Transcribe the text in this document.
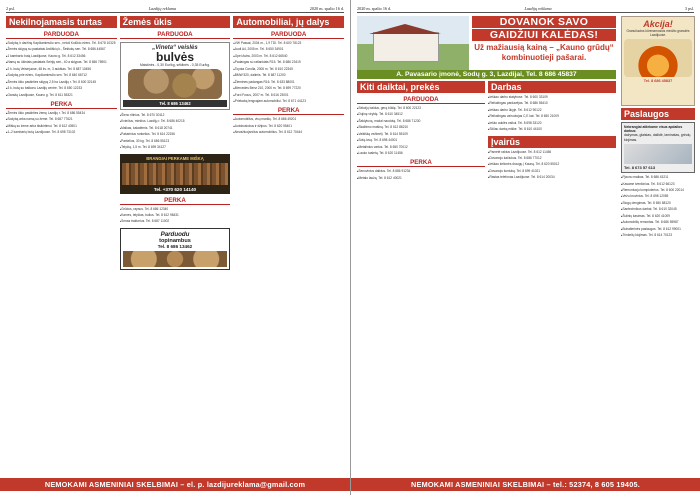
2 psl.	Lazdijų reklama	2020 m. spalio 16 d.
Nekilnojamasis turtas
PARDUODA
■ Sodybą ir daržinę Kapčiamiesčio sen., netoli Kolūkio ežero. Tel. 8 678 10325
■ Žemės sklypą su pastatais Ančiškių k., Šeštokų sen. Tel. 8 686 44567
■ 1 kambario butą Lazdijuose, Kauno g. Tel. 8 612 33456
■ Namą su ūkiniais pastatais Seirijų sen., 40 a sklypas. Tel. 8 656 78901
■ 2 k. butą Veisiejuose, 48 kv. m, 3 aukštas. Tel. 8 687 10456
■ Sodybą prie ežero, Kapčiamiesčio sen. Tel. 8 640 66712
■ Žemės ūkio paskirties sklypą 2,5 ha Lazdijų r. Tel. 8 600 32145
■ 3 k. butą su balkonu Lazdijų centre. Tel. 8 650 12233
■ Garažą Lazdijuose, Kauno g. Tel. 8 611 55321
PERKA
■ Žemės ūkio paskirties žemę Lazdijų r. Tel. 8 686 55434
■ Sodybą arba namą su žeme. Tel. 8 687 77621
■ Mišką su žeme arba išsikirtimui. Tel. 8 612 40501
■ 1–2 kambarių butą Lazdijuose. Tel. 8 698 73102
Žemės ūkis
PARDUODA
„Vineta“ veislės
bulvės
Maistinės - 0,30 Eur/kg, sėklinės - 0,35 Eur/kg.
Tel. 8 686 13462
■ Šieno ritinius. Tel. 8 670 30112
■ Kviečius, miežius. Lazdijų r. Tel. 8 686 40215
■ Malkas, kaladėmis. Tel. 8 618 20741
■ Pašarinius runkelius. Tel. 8 614 22156
■ Paršelius, 30 kg. Tel. 8 686 55123
■ Telyčią, 1,5 m. Tel. 8 699 34127
BRANGIAI PERKAME MIŠKĄ
Tel. +370 620 14140
PERKA
■ Grūdus, rapsus. Tel. 8 686 12340
■ Karves, telyčias, bulius. Tel. 8 612 98431
■ Senas traktorius. Tel. 8 687 11002
Parduodu
topinambus
Tel. 8 686 13462
Automobiliai, jų dalys
PARDUODA
■ VW Passat, 2004 m., 1,9 TDI. Tel. 8 600 78123
■ Audi A4, 2005 m. Tel. 8 650 34901
■ Opel Astra, 2003 m. Tel. 8 612 66540
■ Padangas su ratlankiais R15. Tel. 8 686 23419
■ Toyota Corolla, 2006 m. Tel. 8 610 22345
■ BMW 520, dalimis. Tel. 8 687 11200
■ Žiemines padangas R16. Tel. 8 633 88001
■ Mercedes Benz 210, 2000 m. Tel. 8 699 77220
■ Ford Focus, 2007 m. Tel. 8 616 23001
■ Priekabą lengvajam automobiliui. Tel. 8 671 44123
PERKA
■ Automobilius, visų markių. Tel. 8 686 49201
■ Autobusiukus ir džipus. Tel. 8 620 55401
■ Nevažiuojančius automobilius. Tel. 8 612 70444
NEMOKAMI ASMENINIAI SKELBIMAI – el. p. lazdijureklama@gmail.com
2020 m. spalio 16 d.	Lazdijų reklama	3 psl.
DOVANOK SAVO
GAIDŽIUI KALĖDAS!
Už mažiausią kainą – „Kauno grūdų“
kombinuotieji pašarai.
A. Pavasario įmonė, Sodų g. 3, Lazdijai, Tel. 8 686 45837
Akcija!
Granuliuotos kūrenamosios medžio granulės Lazdijuose.
Tel. 8 686 45837
Kiti daiktai, prekės
PARDUODA
■ Sekcijų baldus, gerą būklę. Tel. 8 600 22123
■ Dujinę viryklę. Tel. 8 610 34512
■ Šaldytuvą, mažai naudotą. Tel. 8 686 71230
■ Skalbimo mašiną. Tel. 8 612 88210
■ Vaikišką vežimėlį. Tel. 8 614 55109
■ Sofą-lovą. Tel. 8 698 44001
■ Metalinius vartus. Tel. 8 650 70012
■ Lauko tualetą. Tel. 8 620 11456
PERKA
■ Senovinius daiktus. Tel. 8 686 91234
■ Metalo laužą. Tel. 8 612 40021
Darbas
■ Ieškau darbo statybose. Tel. 8 600 33109
■ Reikalingas pardavėjas. Tel. 8 686 55410
■ Ieškau darbo ūkyje. Tel. 8 612 90122
■ Reikalingas vairuotojas C,E kat. Tel. 8 650 21009
■ Ieško auklės vaikui. Tel. 8 698 33120
■ Siūlau darbą miške. Tel. 8 610 44100
Įvairūs
■ Pametė raktus Lazdijuose. Tel. 8 612 11456
■ Dovanoju kačiukus. Tel. 8 686 77012
■ Ieškau kelionės draugų į Kauną. Tel. 8 620 55012
■ Dovanoju šuniuką. Tel. 8 699 41021
■ Rastas telefonas Lazdijuose. Tel. 8 614 20034
Paslaugos
Nebrangiai atliekame visus apdailos darbus:
dažymas, glaistas, dailidė, laminatas, grindų klojimas.
Tel. 8 673 57 613
■ Pjaunu malkas. Tel. 8 686 43211
■ Kasame tvenkinius. Tel. 8 612 66123
■ Remontuoju kompiuterius. Tel. 8 600 22014
■ Vežu krovinius. Tel. 8 698 12055
■ Stogų dengimas. Tel. 8 650 88120
■ Santechnikos darbai. Tel. 8 610 32045
■ Šulinių kasimas. Tel. 8 620 41009
■ Automobilių remontas. Tel. 8 686 55987
■ Buhalterinės paslaugos. Tel. 8 612 99001
■ Trinkelių klojimas. Tel. 8 614 70123
NEMOKAMI ASMENINIAI SKELBIMAI – tel.: 52374, 8 605 19405.
